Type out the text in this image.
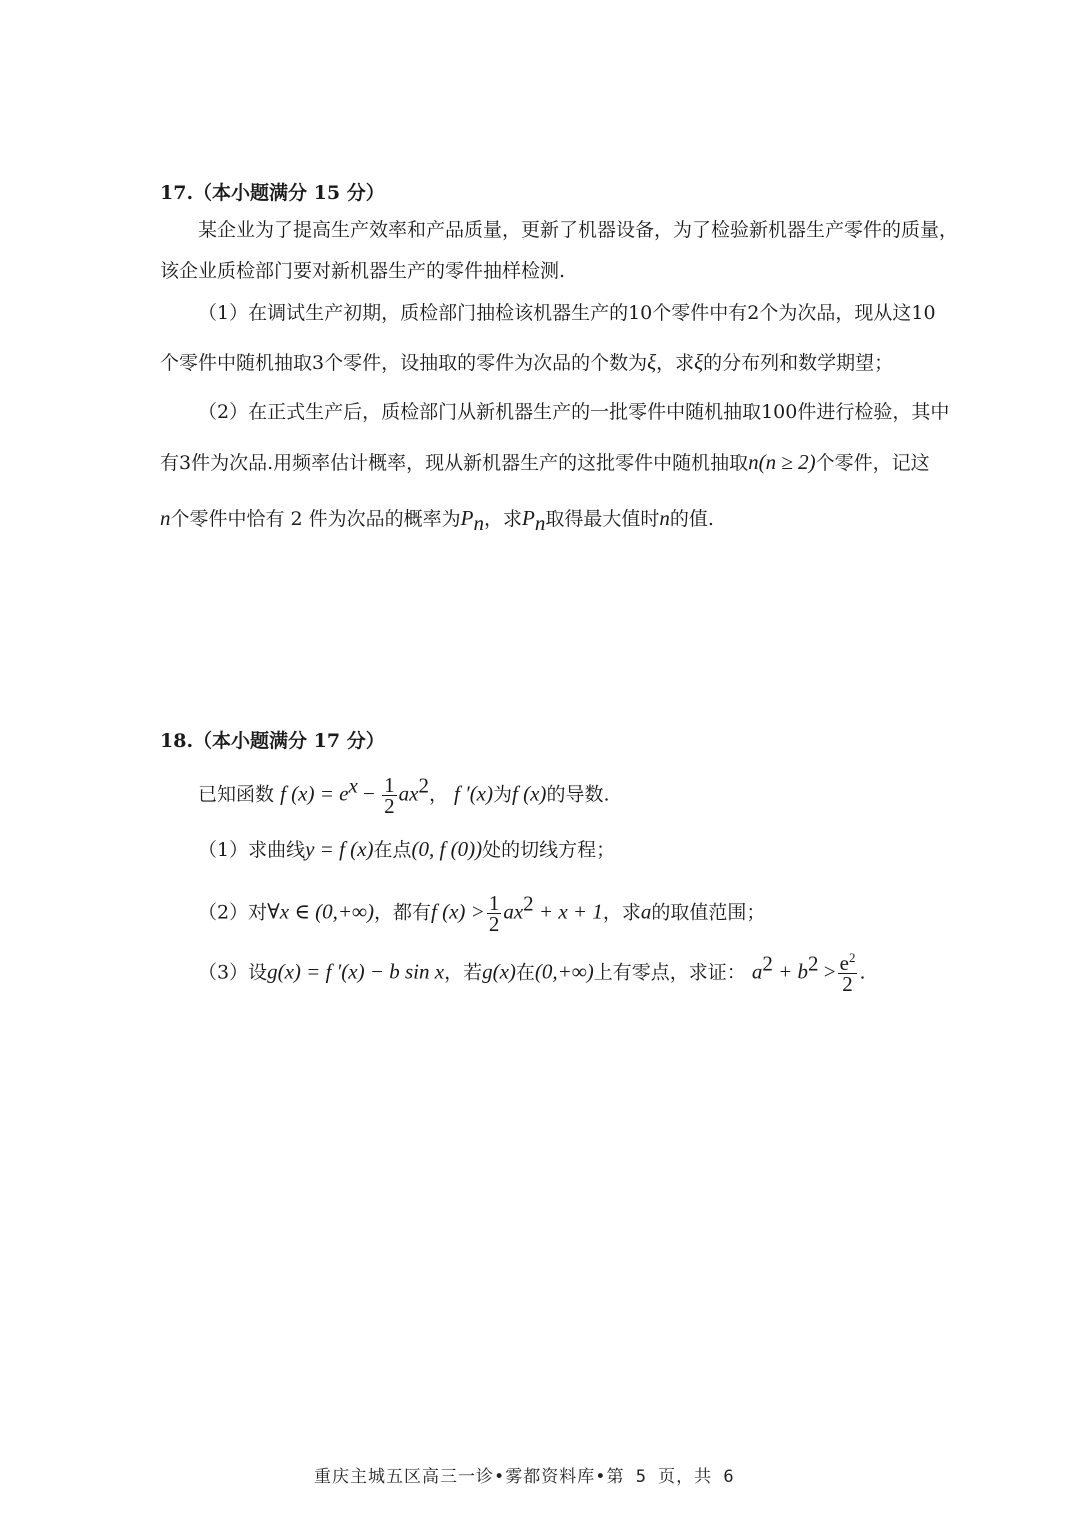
17.（本小题满分 15 分）
某企业为了提高生产效率和产品质量，更新了机器设备，为了检验新机器生产零件的质量，
该企业质检部门要对新机器生产的零件抽样检测.
（1）在调试生产初期，质检部门抽检该机器生产的10个零件中有2个为次品，现从这10
个零件中随机抽取3个零件，设抽取的零件为次品的个数为ξ，求ξ的分布列和数学期望；
（2）在正式生产后，质检部门从新机器生产的一批零件中随机抽取100件进行检验，其中
有3件为次品.用频率估计概率，现从新机器生产的这批零件中随机抽取n(n ≥ 2)个零件，记这
n个零件中恰有 2 件为次品的概率为$P_n$，求$P_n$取得最大值时n的值.
18.（本小题满分 17 分）
已知函数 f $(x) = e^x - \frac{1}{2} ax^2$， f ′(x)为f (x)的导数.
（1）求曲线y = f (x)在点(0, f (0))处的切线方程；
（2）对∀x ∈ (0,+∞)，都有f $(x) > \frac{1}{2} ax^2 + x + 1$，求a的取值范围；
（3）设g(x) = f ′(x) − b sin x，若g(x)在(0,+∞)上有零点，求证： $a^2 + b^2 > \frac{e^2}{2}$ .
重庆主城五区高三一诊•雾都资料库•第 5 页，共 6
